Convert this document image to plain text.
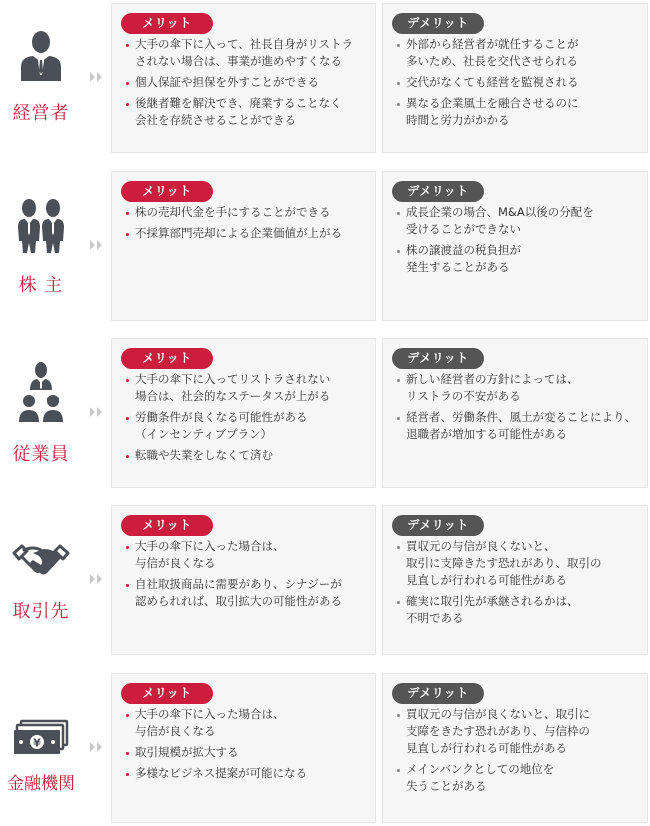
経営者
メリット
大手の傘下に入って、社長自身がリストラ
されない場合は、事業が進めやすくなる
個人保証や担保を外すことができる
後継者難を解決でき、廃業することなく
会社を存続させることができる
デメリット
外部から経営者が就任することが
多いため、社長を交代させられる
交代がなくても経営を監視される
異なる企業風土を融合させるのに
時間と労力がかかる
株 主
メリット
株の売却代金を手にすることができる
不採算部門売却による企業価値が上がる
デメリット
成長企業の場合、M&A以後の分配を
受けることができない
株の譲渡益の税負担が
発生することがある
従業員
メリット
大手の傘下に入ってリストラされない
場合は、社会的なステータスが上がる
労働条件が良くなる可能性がある
（インセンティブプラン）
転職や失業をしなくて済む
デメリット
新しい経営者の方針によっては、
リストラの不安がある
経営者、労働条件、風土が変ることにより、
退職者が増加する可能性がある
取引先
メリット
大手の傘下に入った場合は、
与信が良くなる
自社取扱商品に需要があり、シナジーが
認められれば、取引拡大の可能性がある
デメリット
買収元の与信が良くないと、
取引に支障きたす恐れがあり、取引の
見直しが行われる可能性がある
確実に取引先が承継されるかは、
不明である
¥
金融機関
メリット
大手の傘下に入った場合は、
与信が良くなる
取引規模が拡大する
多様なビジネス提案が可能になる
デメリット
買収元の与信が良くないと、取引に
支障をきたす恐れがあり、与信枠の
見直しが行われる可能性がある
メインバンクとしての地位を
失うことがある
